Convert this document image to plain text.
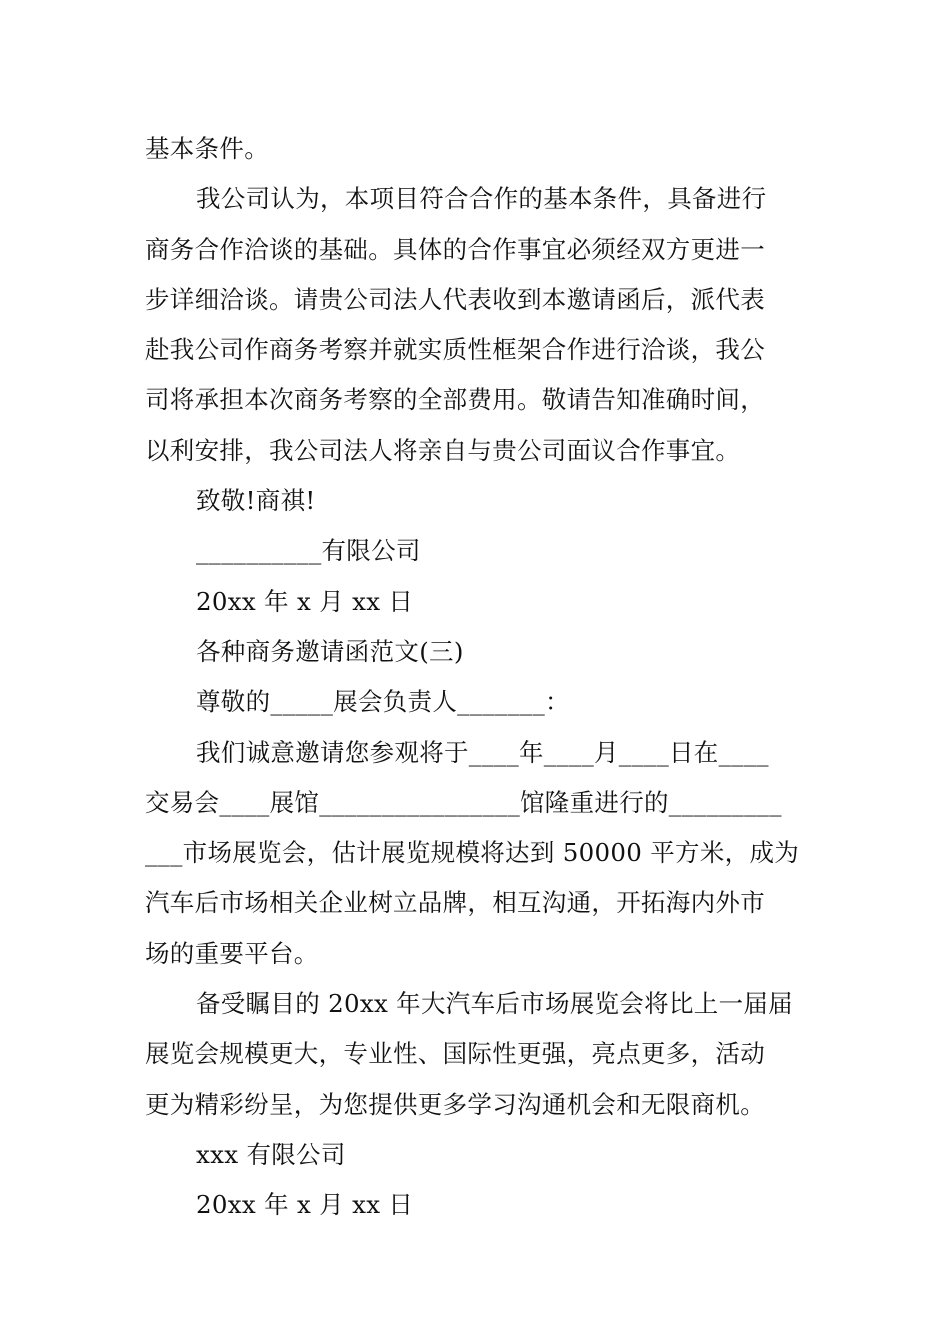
基本条件。
我公司认为，本项目符合合作的基本条件，具备进行
商务合作洽谈的基础。具体的合作事宜必须经双方更进一
步详细洽谈。请贵公司法人代表收到本邀请函后，派代表
赴我公司作商务考察并就实质性框架合作进行洽谈，我公
司将承担本次商务考察的全部费用。敬请告知准确时间，
以利安排，我公司法人将亲自与贵公司面议合作事宜。
致敬!商祺!
__________有限公司
20xx 年 x 月 xx 日
各种商务邀请函范文(三)
尊敬的_____展会负责人_______：
我们诚意邀请您参观将于____年____月____日在____
交易会____展馆________________馆隆重进行的_________
___市场展览会，估计展览规模将达到 50000 平方米，成为
汽车后市场相关企业树立品牌，相互沟通，开拓海内外市
场的重要平台。
备受瞩目的 20xx 年大汽车后市场展览会将比上一届届
展览会规模更大，专业性、国际性更强，亮点更多，活动
更为精彩纷呈，为您提供更多学习沟通机会和无限商机。
xxx 有限公司
20xx 年 x 月 xx 日
